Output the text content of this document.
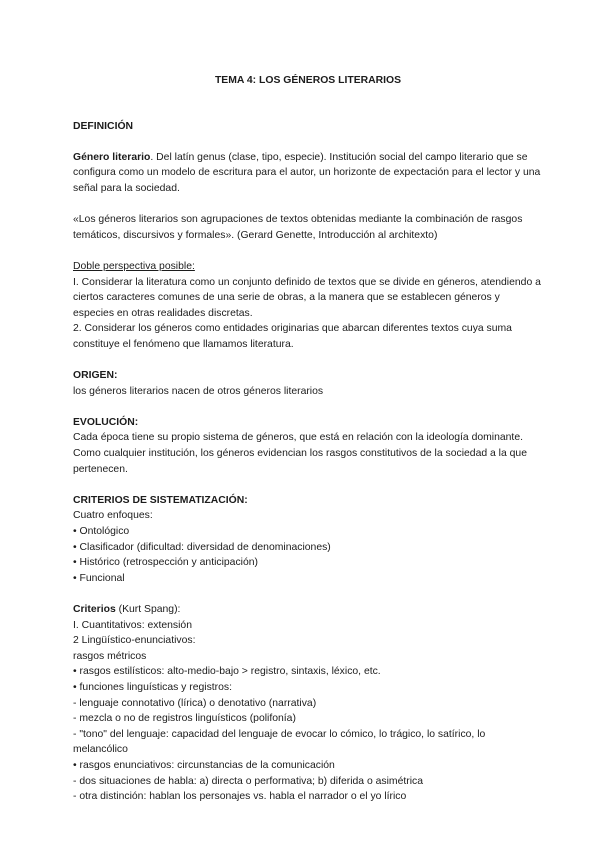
TEMA 4: LOS GÉNEROS LITERARIOS

DEFINICIÓN

Género literario. Del latín genus (clase, tipo, especie). Institución social del campo literario que se configura como un modelo de escritura para el autor, un horizonte de expectación para el lector y una señal para la sociedad.

«Los géneros literarios son agrupaciones de textos obtenidas mediante la combinación de rasgos temáticos, discursivos y formales». (Gerard Genette, Introducción al architexto)

Doble perspectiva posible:

I. Considerar la literatura como un conjunto definido de textos que se divide en géneros, atendiendo a ciertos caracteres comunes de una serie de obras, a la manera que se establecen géneros y especies en otras realidades discretas.

2. Considerar los géneros como entidades originarias que abarcan diferentes textos cuya suma

constituye el fenómeno que llamamos literatura.

ORIGEN:

los géneros literarios nacen de otros géneros literarios

EVOLUCIÓN:

Cada época tiene su propio sistema de géneros, que está en relación con la ideología dominante. Como cualquier institución, los géneros evidencian los rasgos constitutivos de la sociedad a la que pertenecen.

CRITERIOS DE SISTEMATIZACIÓN:

Cuatro enfoques:

• Ontológico

• Clasificador (dificultad: diversidad de denominaciones)

• Histórico (retrospección y anticipación)

• Funcional

Criterios (Kurt Spang):

I. Cuantitativos: extensión

2 Lingüístico-enunciativos:

rasgos métricos

• rasgos estilísticos: alto-medio-bajo > registro, sintaxis, léxico, etc.

• funciones linguísticas y registros:

- lenguaje connotativo (lírica) o denotativo (narrativa)

- mezcla o no de registros linguísticos (polifonía)

- "tono" del lenguaje: capacidad del lenguaje de evocar lo cómico, lo trágico, lo satírico, lo melancólico

• rasgos enunciativos: circunstancias de la comunicación

- dos situaciones de habla: a) directa o performativa; b) diferida o asimétrica

- otra distinción: hablan los personajes vs. habla el narrador o el yo lírico
